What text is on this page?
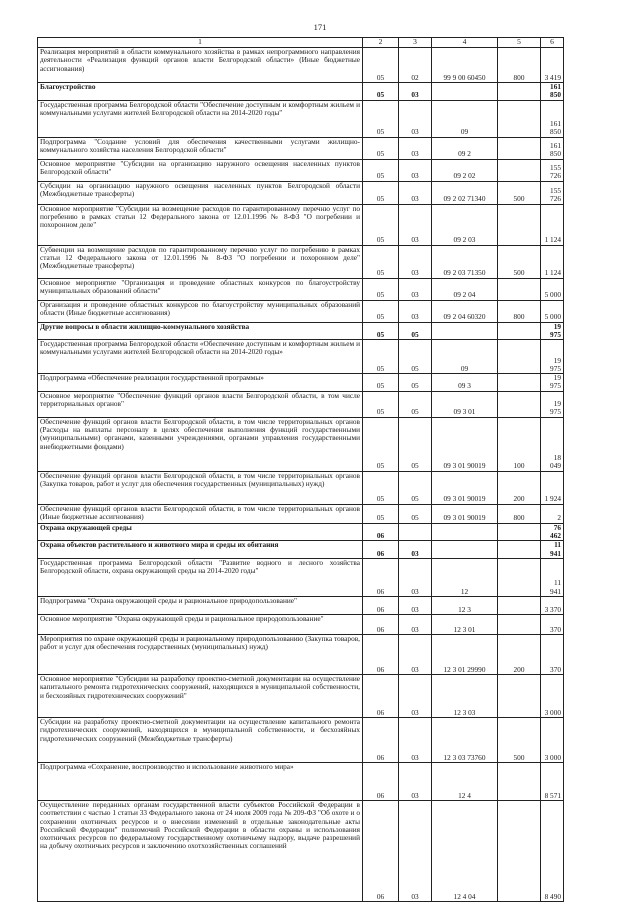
171
1	2	3	4	5	6
Реализация мероприятий в области коммунального хозяйства в рамках непрограммного направления деятельности «Реализация функций органов власти Белгородской области» (Иные бюджетные ассигнования)	05	02	99 9 00 60450	800	3 419
Благоустройство	05	03			161 850
Государственная программа Белгородской области "Обеспечение доступным и комфортным жильем и коммунальными услугами жителей Белгородской области на 2014-2020 годы"	05	03	09		161 850
Подпрограмма "Создание условий для обеспечения качественными услугами жилищно-коммунального хозяйства населения Белгородской области"	05	03	09 2		161 850
Основное мероприятие "Субсидии на организацию наружного освещения населенных пунктов Белгородской области"	05	03	09 2 02		155 726
Субсидии на организацию наружного освещения населенных пунктов Белгородской области (Межбюджетные трансферты)	05	03	09 2 02 71340	500	155 726
Основное мероприятие "Субсидии на возмещение расходов по гарантированному перечню услуг по погребению в рамках статьи 12 Федерального закона от 12.01.1996 № 8-ФЗ "О погребении и похоронном деле"	05	03	09 2 03		1 124
Субвенции на возмещение расходов по гарантированному перечню услуг по погребению в рамках статьи 12 Федерального закона от 12.01.1996 № 8-ФЗ "О погребении и похоронном деле" (Межбюджетные трансферты)	05	03	09 2 03 71350	500	1 124
Основное мероприятие "Организация и проведение областных конкурсов по благоустройству муниципальных образований области"	05	03	09 2 04		5 000
Организация и проведение областных конкурсов по благоустройству муниципальных образований области (Иные бюджетные ассигнования)	05	03	09 2 04 60320	800	5 000
Другие вопросы в области жилищно-коммунального хозяйства	05	05			19 975
Государственная программа Белгородской области «Обеспечение доступным и комфортным жильем и коммунальными услугами жителей Белгородской области на 2014-2020 годы»	05	05	09		19 975
Подпрограмма «Обеспечение реализации государственной программы»	05	05	09 3		19 975
Основное мероприятие "Обеспечение функций органов власти Белгородской области, в том числе территориальных органов"	05	05	09 3 01		19 975
Обеспечение функций органов власти Белгородской области, в том числе территориальных органов (Расходы на выплаты персоналу в целях обеспечения выполнения функций государственными (муниципальными) органами, казенными учреждениями, органами управления государственными внебюджетными фондами)	05	05	09 3 01 90019	100	18 049
Обеспечение функций органов власти Белгородской области, в том числе территориальных органов (Закупка товаров, работ и услуг для обеспечения государственных (муниципальных) нужд)	05	05	09 3 01 90019	200	1 924
Обеспечение функций органов власти Белгородской области, в том числе территориальных органов (Иные бюджетные ассигнования)	05	05	09 3 01 90019	800	2
Охрана окружающей среды	06				76 462
Охрана объектов растительного и животного мира и среды их обитания	06	03			11 941
Государственная программа Белгородской области "Развитие водного и лесного хозяйства Белгородской области, охрана окружающей среды на 2014-2020 годы"	06	03	12		11 941
Подпрограмма "Охрана окружающей среды и рациональное природопользование"	06	03	12 3		3 370
Основное мероприятие "Охрана окружающей среды и рациональное природопользование"	06	03	12 3 01		370
Мероприятия по охране окружающей среды и рациональному природопользованию (Закупка товаров, работ и услуг для обеспечения государственных (муниципальных) нужд)	06	03	12 3 01 29990	200	370
Основное мероприятие "Субсидии на разработку проектно-сметной документации на осуществление капитального ремонта гидротехнических сооружений, находящихся в муниципальной собственности, и бесхозяйных гидротехнических сооружений"	06	03	12 3 03		3 000
Субсидии на разработку проектно-сметной документации на осуществление капитального ремонта гидротехнических сооружений, находящихся в муниципальной собственности, и бесхозяйных гидротехнических сооружений (Межбюджетные трансферты)	06	03	12 3 03 73760	500	3 000
Подпрограмма «Сохранение, воспроизводство и использование животного мира»	06	03	12 4		8 571
Осуществление переданных органам государственной власти субъектов Российской Федерации в соответствии с частью 1 статьи 33 Федерального закона от 24 июля 2009 года № 209-ФЗ "Об охоте и о сохранении охотничьих ресурсов и о внесении изменений в отдельные законодательные акты Российской Федерации" полномочий Российской Федерации в области охраны и использования охотничьих ресурсов по федеральному государственному охотничьему надзору, выдаче разрешений на добычу охотничьих ресурсов и заключению охотхозяйственных соглашений	06	03	12 4 04		8 490
